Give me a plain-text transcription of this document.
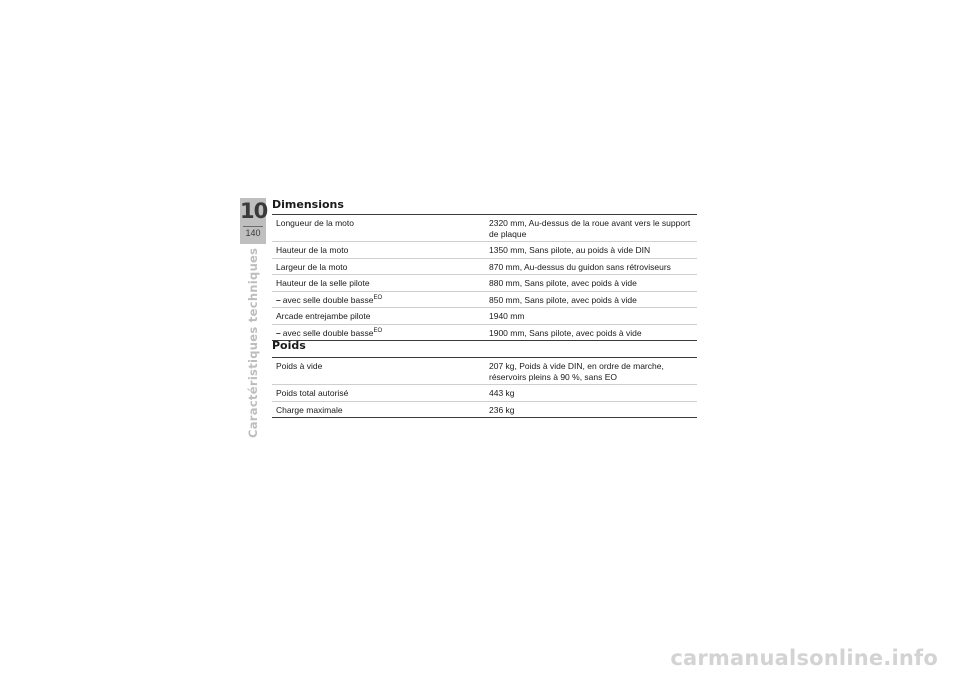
10
140
Caractéristiques techniques
Dimensions
Longueur de la moto	2320 mm, Au-dessus de la roue avant vers le support de plaque
Hauteur de la moto	1350 mm, Sans pilote, au poids à vide DIN
Largeur de la moto	870 mm, Au-dessus du guidon sans rétroviseurs
Hauteur de la selle pilote	880 mm, Sans pilote, avec poids à vide
– avec selle double basse$^{EO}$	850 mm, Sans pilote, avec poids à vide
Arcade entrejambe pilote	1940 mm
– avec selle double basse$^{EO}$	1900 mm, Sans pilote, avec poids à vide
Poids
Poids à vide	207 kg, Poids à vide DIN, en ordre de marche, réservoirs pleins à 90 %, sans EO
Poids total autorisé	443 kg
Charge maximale	236 kg
carmanualsonline.info
